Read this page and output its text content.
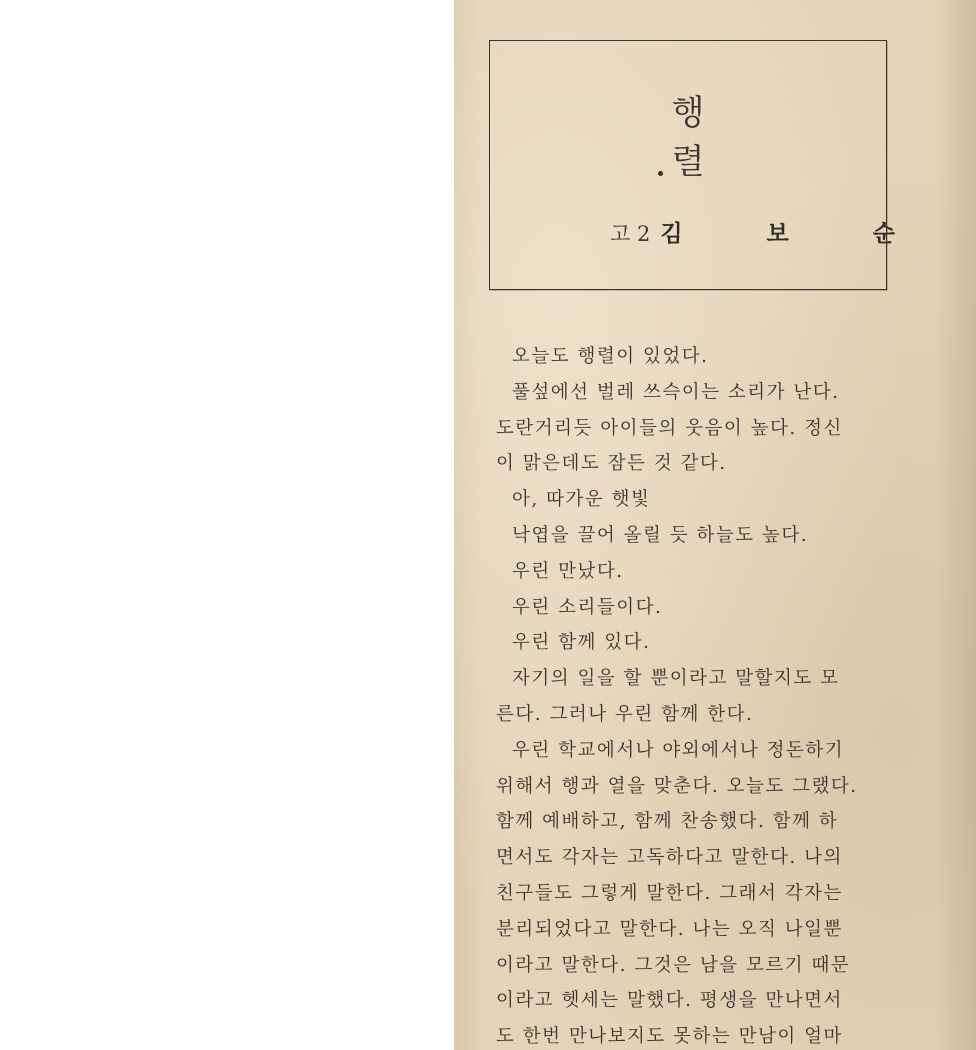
행 렬
고 2 김 보 순
오늘도 행렬이 있었다.
풀섶에선 벌레 쓰슥이는 소리가 난다.
도란거리듯 아이들의 웃음이 높다. 정신
이 맑은데도 잠든 것 같다.
아, 따가운 햇빛
낙엽을 끌어 올릴 듯 하늘도 높다.
우린 만났다.
우린 소리들이다.
우린 함께 있다.
자기의 일을 할 뿐이라고 말할지도 모
른다. 그러나 우린 함께 한다.
우린 학교에서나 야외에서나 정돈하기
위해서 행과 열을 맞춘다. 오늘도 그랬다.
함께 예배하고, 함께 찬송했다. 함께 하
면서도 각자는 고독하다고 말한다. 나의
친구들도 그렇게 말한다. 그래서 각자는
분리되었다고 말한다. 나는 오직 나일뿐
이라고 말한다. 그것은 남을 모르기 때문
이라고 헷세는 말했다. 평생을 만나면서
도 한번 만나보지도 못하는 만남이 얼마
